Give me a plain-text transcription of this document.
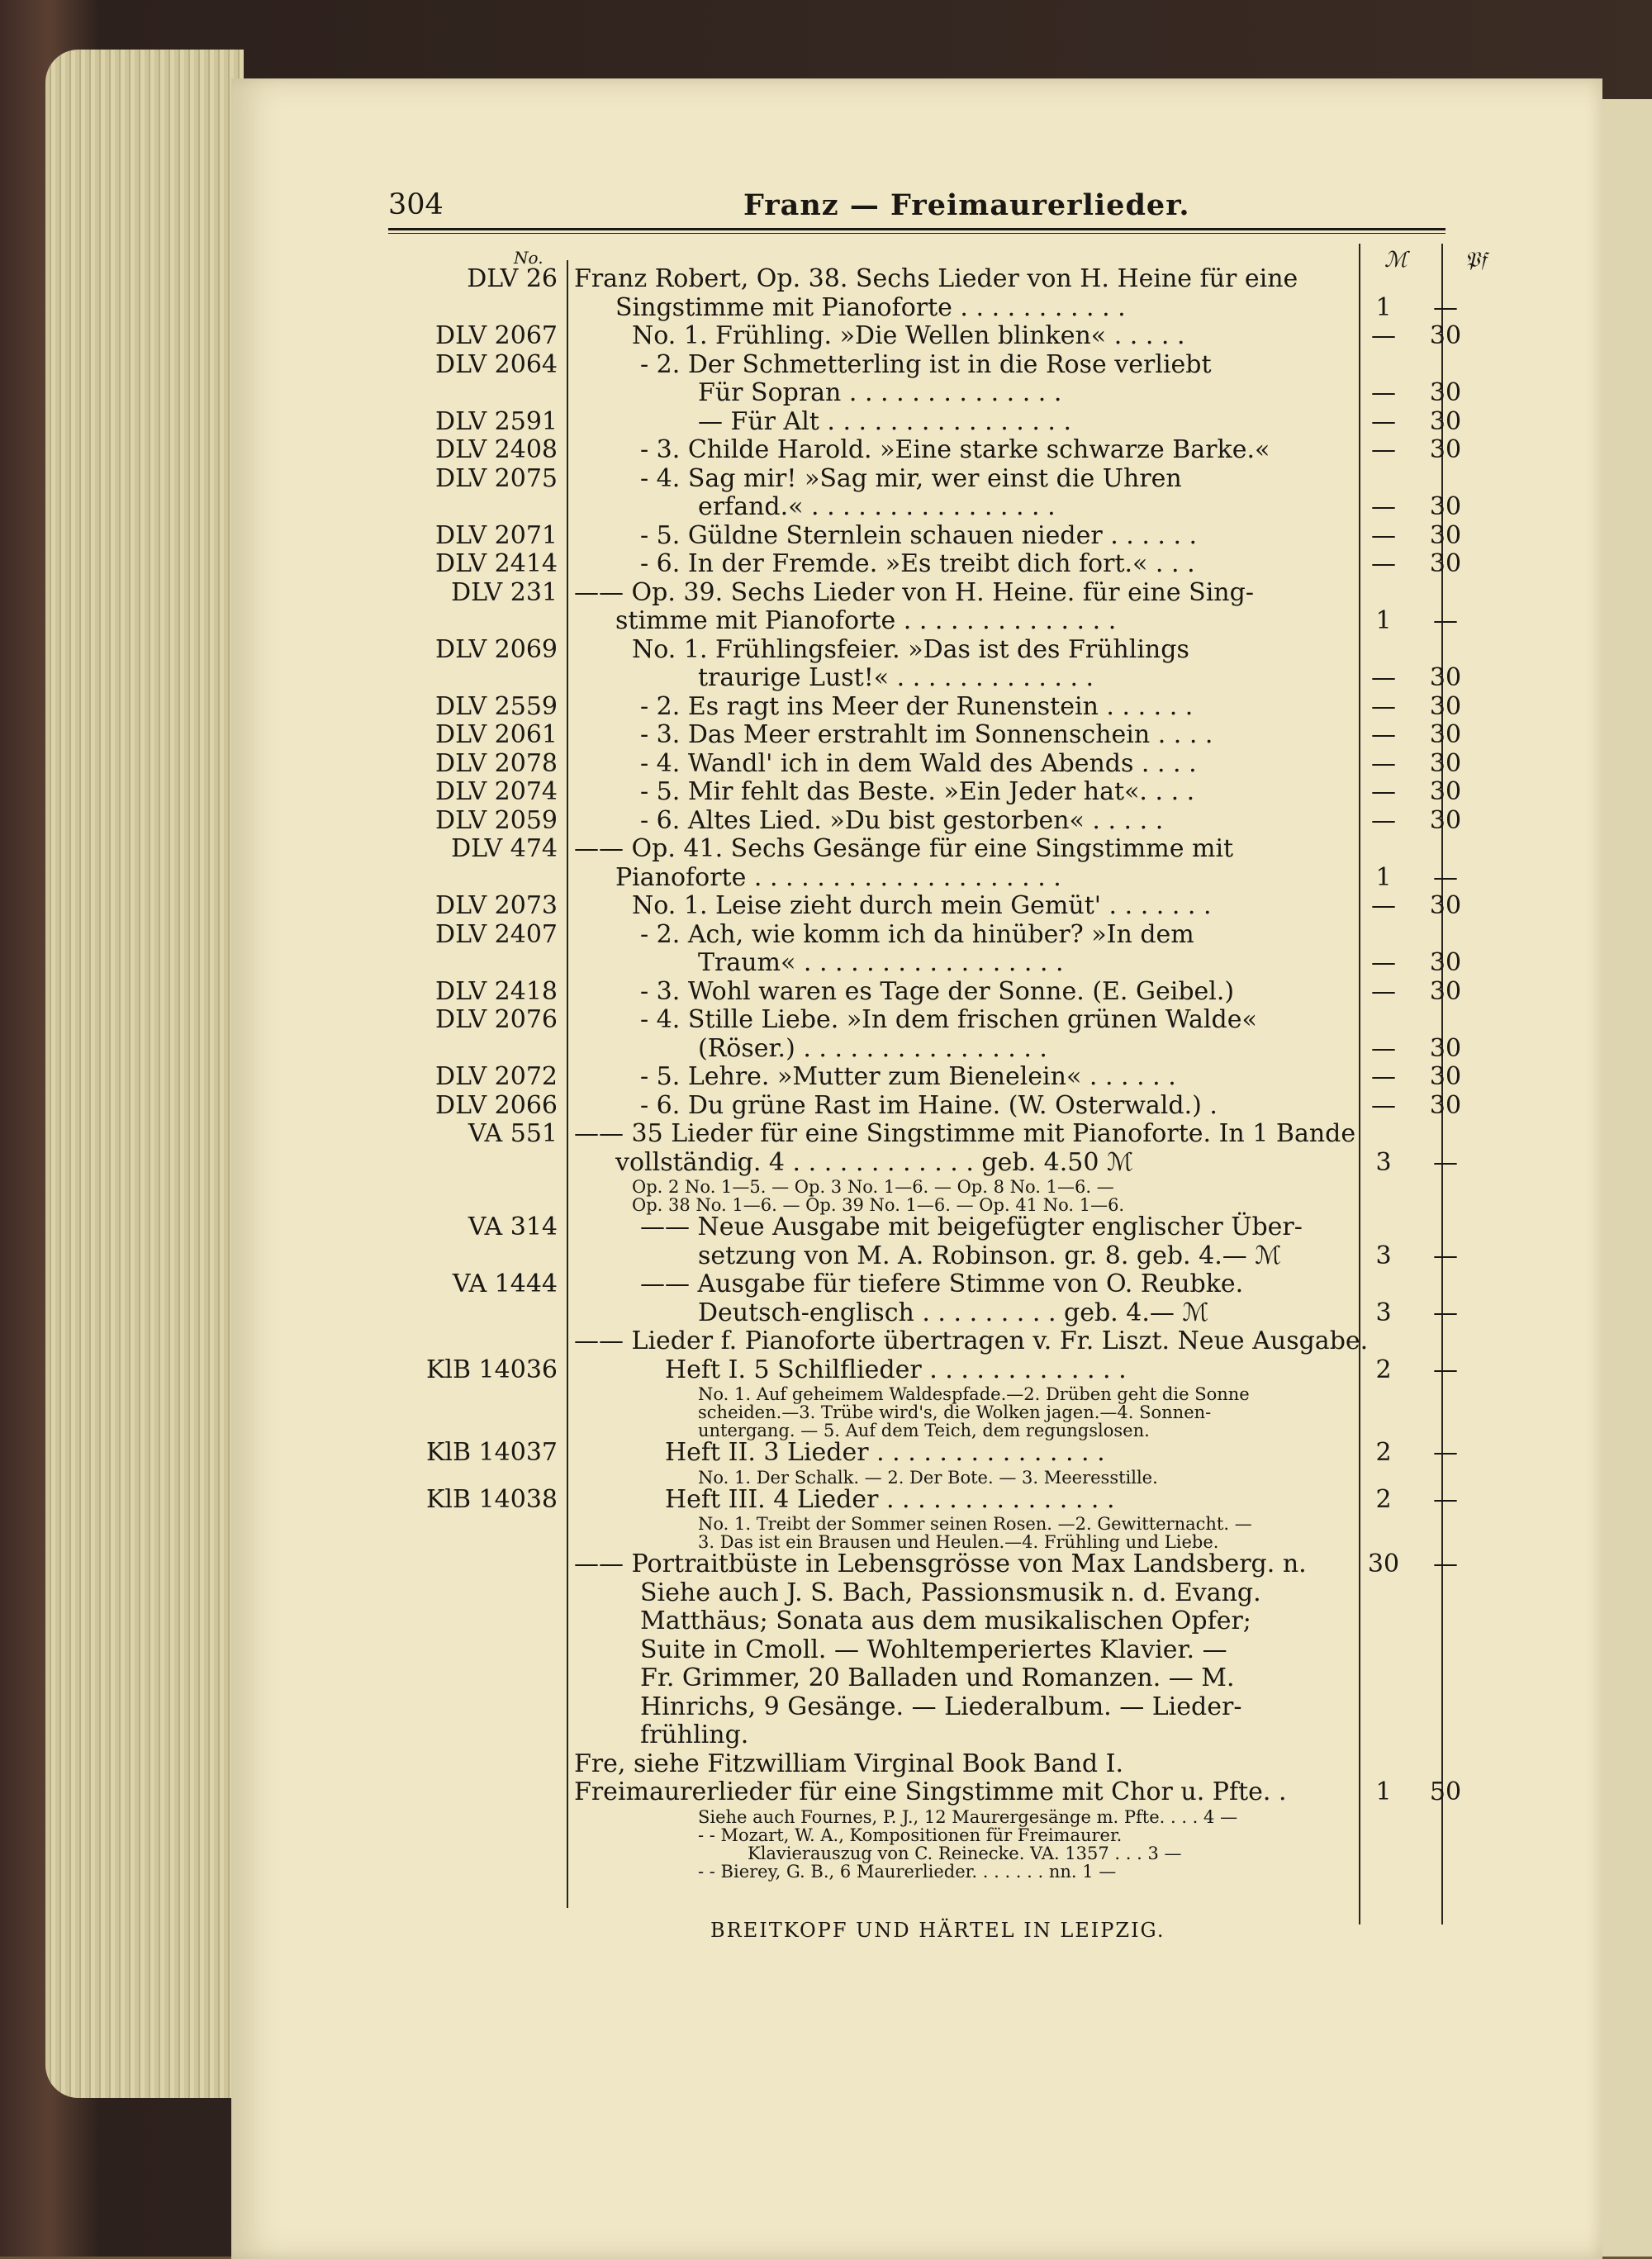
304	Franz — Freimaurerlieder.
No.	ℳ	𝔓𝔣
DLV 26 Franz Robert, Op. 38. Sechs Lieder von H. Heine für eine
Singstimme mit Pianoforte . . . . . . . . . . .	1	—
DLV 2067	No. 1. Frühling. »Die Wellen blinken« . . . . .	—	30
DLV 2064	- 2. Der Schmetterling ist in die Rose verliebt
Für Sopran . . . . . . . . . . . . . .	—	30
DLV 2591	— Für Alt . . . . . . . . . . . . . . . .	—	30
DLV 2408	- 3. Childe Harold. »Eine starke schwarze Barke.«	—	30
DLV 2075	- 4. Sag mir! »Sag mir, wer einst die Uhren
erfand.« . . . . . . . . . . . . . . . .	—	30
DLV 2071	- 5. Güldne Sternlein schauen nieder . . . . . .	—	30
DLV 2414	- 6. In der Fremde. »Es treibt dich fort.« . . .	—	30
DLV 231 —— Op. 39. Sechs Lieder von H. Heine. für eine Sing-
stimme mit Pianoforte . . . . . . . . . . . . . .	1	—
DLV 2069	No. 1. Frühlingsfeier. »Das ist des Frühlings
traurige Lust!« . . . . . . . . . . . . .	—	30
DLV 2559	- 2. Es ragt ins Meer der Runenstein . . . . . .	—	30
DLV 2061	- 3. Das Meer erstrahlt im Sonnenschein . . . .	—	30
DLV 2078	- 4. Wandl' ich in dem Wald des Abends . . . .	—	30
DLV 2074	- 5. Mir fehlt das Beste. »Ein Jeder hat«. . . .	—	30
DLV 2059	- 6. Altes Lied. »Du bist gestorben« . . . . .	—	30
DLV 474 —— Op. 41. Sechs Gesänge für eine Singstimme mit
Pianoforte . . . . . . . . . . . . . . . . . . . .	1	—
DLV 2073	No. 1. Leise zieht durch mein Gemüt' . . . . . . .	—	30
DLV 2407	- 2. Ach, wie komm ich da hinüber? »In dem
Traum« . . . . . . . . . . . . . . . . .	—	30
DLV 2418	- 3. Wohl waren es Tage der Sonne. (E. Geibel.)	—	30
DLV 2076	- 4. Stille Liebe. »In dem frischen grünen Walde«
(Röser.) . . . . . . . . . . . . . . . .	—	30
DLV 2072	- 5. Lehre. »Mutter zum Bienelein« . . . . . .	—	30
DLV 2066	- 6. Du grüne Rast im Haine. (W. Osterwald.) .	—	30
VA 551 —— 35 Lieder für eine Singstimme mit Pianoforte. In 1 Bande
vollständig. 4 . . . . . . . . . . . . geb. 4.50 ℳ	3	—
Op. 2 No. 1—5. — Op. 3 No. 1—6. — Op. 8 No. 1—6. —
Op. 38 No. 1—6. — Op. 39 No. 1—6. — Op. 41 No. 1—6.
VA 314	—— Neue Ausgabe mit beigefügter englischer Über-
setzung von M. A. Robinson. gr. 8. geb. 4.— ℳ	3	—
VA 1444	—— Ausgabe für tiefere Stimme von O. Reubke.
Deutsch-englisch . . . . . . . . . geb. 4.— ℳ	3	—
—— Lieder f. Pianoforte übertragen v. Fr. Liszt. Neue Ausgabe.
KlB 14036	Heft I. 5 Schilflieder . . . . . . . . . . . . .	2	—
No. 1. Auf geheimem Waldespfade.—2. Drüben geht die Sonne
scheiden.—3. Trübe wird's, die Wolken jagen.—4. Sonnen-
untergang. — 5. Auf dem Teich, dem regungslosen.
KlB 14037	Heft II. 3 Lieder . . . . . . . . . . . . . . .	2	—
No. 1. Der Schalk. — 2. Der Bote. — 3. Meeresstille.
KlB 14038	Heft III. 4 Lieder . . . . . . . . . . . . . . .	2	—
No. 1. Treibt der Sommer seinen Rosen. —2. Gewitternacht. —
3. Das ist ein Brausen und Heulen.—4. Frühling und Liebe.
—— Portraitbüste in Lebensgrösse von Max Landsberg. n. 30	—
Siehe auch J. S. Bach, Passionsmusik n. d. Evang.
Matthäus; Sonata aus dem musikalischen Opfer;
Suite in Cmoll. — Wohltemperiertes Klavier. —
Fr. Grimmer, 20 Balladen und Romanzen. — M.
Hinrichs, 9 Gesänge. — Liederalbum. — Lieder-
frühling.
Fre, siehe Fitzwilliam Virginal Book Band I.
Freimaurerlieder für eine Singstimme mit Chor u. Pfte. .	1	50
Siehe auch Fournes, P. J., 12 Maurergesänge m. Pfte. . . . 4 —
- - Mozart, W. A., Kompositionen für Freimaurer.
Klavierauszug von C. Reinecke. VA. 1357 . . . 3 —
- - Bierey, G. B., 6 Maurerlieder. . . . . . . nn. 1 —
BREITKOPF UND HÄRTEL IN LEIPZIG.
